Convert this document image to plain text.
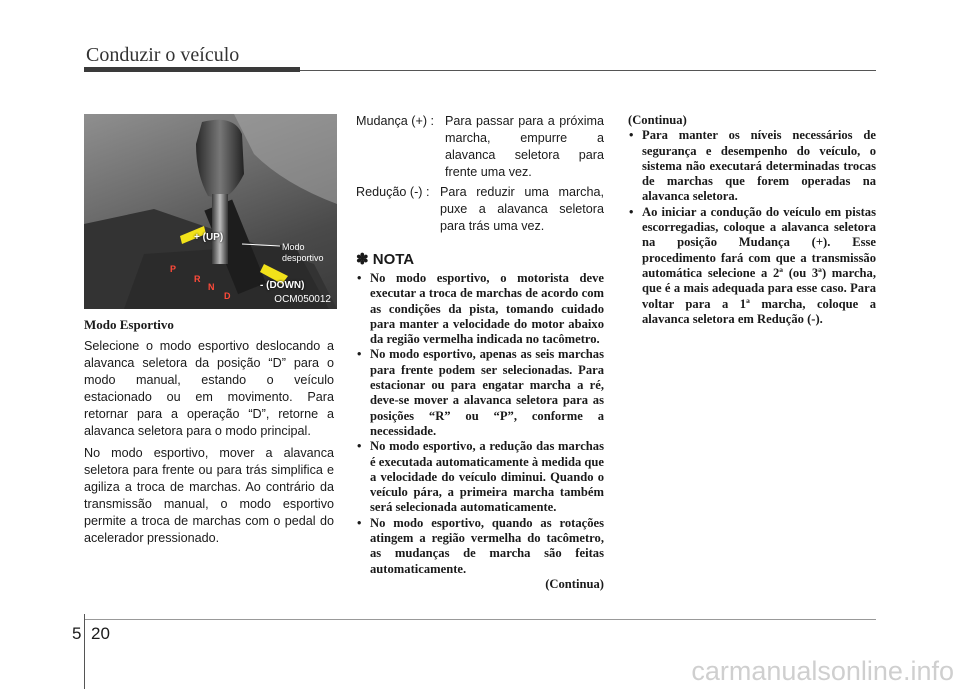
Conduzir o veículo
P
R
N
D
+ (UP)
Modo desportivo
- (DOWN)
OCM050012
Modo Esportivo

Selecione o modo esportivo deslocando a alavanca seletora da posição “D” para o modo manual, estando o veículo estacionado ou em movimento. Para retornar para a operação “D”, retorne a alavanca seletora para o modo principal.

No modo esportivo, mover a alavanca seletora para frente ou para trás simplifica e agiliza a troca de marchas. Ao contrário da transmissão manual, o modo esportivo permite a troca de marchas com o pedal do acelerador pressionado.

Mudança (+) : Para passar para a próxima marcha, empurre a alavanca seletora para frente uma vez.
Redução (-) : Para reduzir uma marcha, puxe a alavanca seletora para trás uma vez.
✽ NOTA
• No modo esportivo, o motorista deve executar a troca de marchas de acordo com as condições da pista, tomando cuidado para manter a velocidade do motor abaixo da região vermelha indicada no tacômetro.
• No modo esportivo, apenas as seis marchas para frente podem ser selecionadas. Para estacionar ou para engatar marcha a ré, deve-se mover a alavanca seletora para as posições “R” ou “P”, conforme a necessidade.
• No modo esportivo, a redução das marchas é executada automaticamente à medida que a velocidade do veículo diminui. Quando o veículo pára, a primeira marcha também será selecionada automaticamente.
• No modo esportivo, quando as rotações atingem a região vermelha do tacômetro, as mudanças de marcha são feitas automaticamente.
(Continua)
(Continua)
• Para manter os níveis necessários de segurança e desempenho do veículo, o sistema não executará determinadas trocas de marchas que forem operadas na alavanca seletora.
• Ao iniciar a condução do veículo em pistas escorregadias, coloque a alavanca seletora na posição Mudança (+). Esse procedimento fará com que a transmissão automática selecione a 2ª (ou 3ª) marcha, que é a mais adequada para esse caso. Para voltar para a 1ª marcha, coloque a alavanca seletora em Redução (-).
5 20
carmanualsonline.info
